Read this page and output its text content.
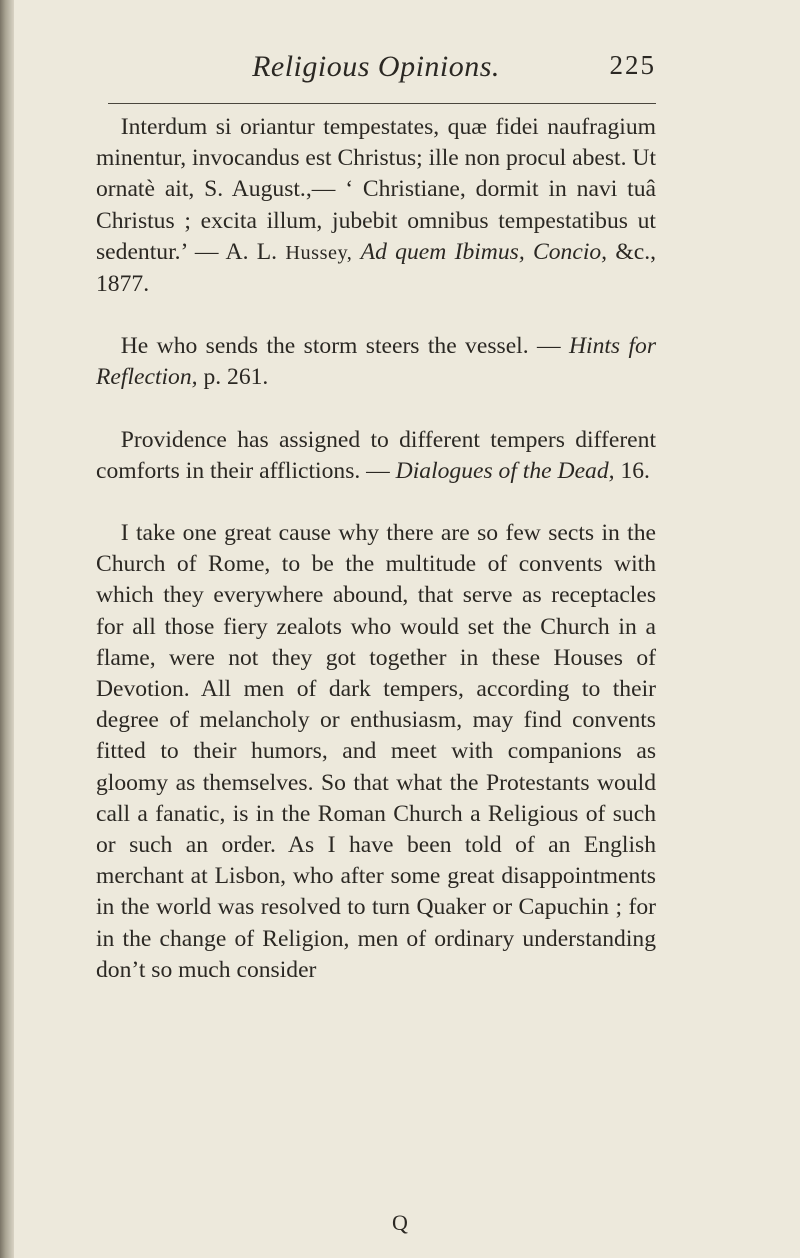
Religious Opinions.	225

Interdum si oriantur tempestates, quæ fidei naufragium minentur, invocandus est Christus; ille non procul abest. Ut ornatè ait, S. August.,— ‘ Christiane, dormit in navi tuâ Christus ; excita illum, jubebit omnibus tempestatibus ut sedentur.’ — A. L. Hussey, Ad quem Ibimus, Concio, &c., 1877.

He who sends the storm steers the vessel. — Hints for Reflection, p. 261.

Providence has assigned to different tempers different comforts in their afflictions. — Dialogues of the Dead, 16.

I take one great cause why there are so few sects in the Church of Rome, to be the multitude of convents with which they everywhere abound, that serve as receptacles for all those fiery zealots who would set the Church in a flame, were not they got together in these Houses of Devotion. All men of dark tempers, according to their degree of melancholy or enthusiasm, may find convents fitted to their humors, and meet with companions as gloomy as themselves. So that what the Protestants would call a fanatic, is in the Roman Church a Religious of such or such an order. As I have been told of an English merchant at Lisbon, who after some great disappointments in the world was resolved to turn Quaker or Capuchin ; for in the change of Religion, men of ordinary understanding don’t so much consider

Q
